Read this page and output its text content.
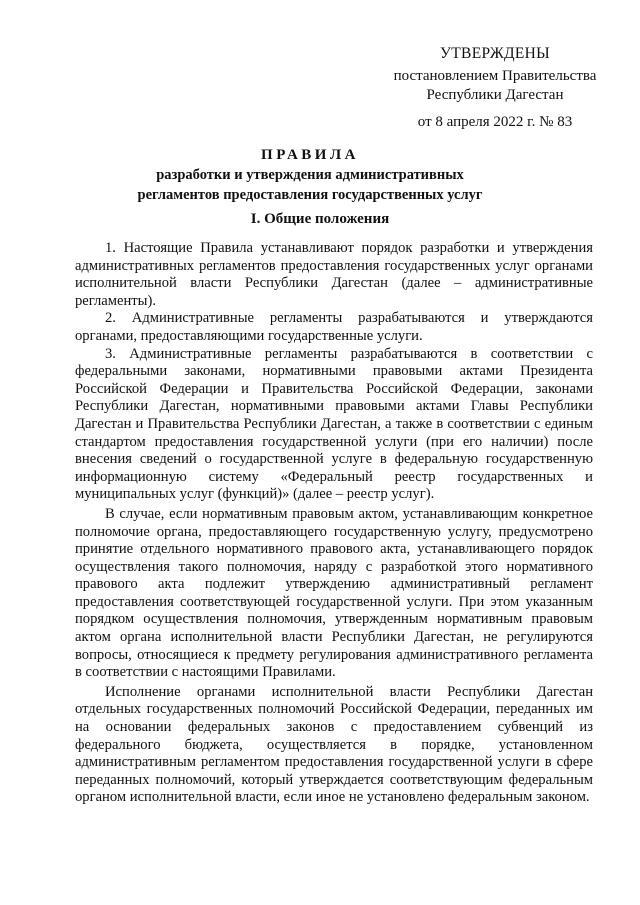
УТВЕРЖДЕНЫ
постановлением Правительства
Республики Дагестан
от 8 апреля 2022 г. № 83
ПРАВИЛА
разработки и утверждения административных
регламентов предоставления государственных услуг
I. Общие положения

1. Настоящие Правила устанавливают порядок разработки и утверждения административных регламентов предоставления государственных услуг органами исполнительной власти Республики Дагестан (далее – административные регламенты).

2. Административные регламенты разрабатываются и утверждаются органами, предоставляющими государственные услуги.

3. Административные регламенты разрабатываются в соответствии с федеральными законами, нормативными правовыми актами Президента Российской Федерации и Правительства Российской Федерации, законами Республики Дагестан, нормативными правовыми актами Главы Республики Дагестан и Правительства Республики Дагестан, а также в соответствии с единым стандартом предоставления государственной услуги (при его наличии) после внесения сведений о государственной услуге в федеральную государственную информационную систему «Федеральный реестр государственных и муниципальных услуг (функций)» (далее – реестр услуг).

В случае, если нормативным правовым актом, устанавливающим конкретное полномочие органа, предоставляющего государственную услугу, предусмотрено принятие отдельного нормативного правового акта, устанавливающего порядок осуществления такого полномочия, наряду с разработкой этого нормативного правового акта подлежит утверждению административный регламент предоставления соответствующей государственной услуги. При этом указанным порядком осуществления полномочия, утвержденным нормативным правовым актом органа исполнительной власти Республики Дагестан, не регулируются вопросы, относящиеся к предмету регулирования административного регламента в соответствии с настоящими Правилами.

Исполнение органами исполнительной власти Республики Дагестан отдельных государственных полномочий Российской Федерации, переданных им на основании федеральных законов с предоставлением субвенций из федерального бюджета, осуществляется в порядке, установленном административным регламентом предоставления государственной услуги в сфере переданных полномочий, который утверждается соответствующим федеральным органом исполнительной власти, если иное не установлено федеральным законом.
